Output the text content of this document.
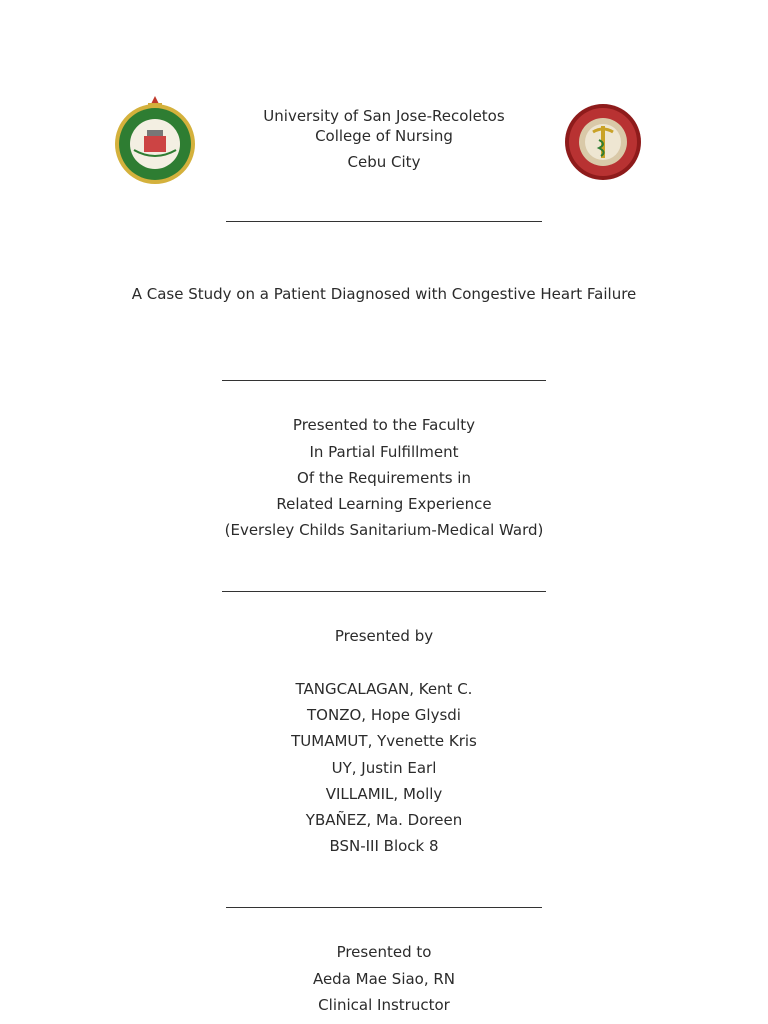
University of San Jose-Recoletos
College of Nursing
Cebu City
A Case Study on a Patient Diagnosed with Congestive Heart Failure
Presented to the Faculty
In Partial Fulfillment
Of the Requirements in
Related Learning Experience
(Eversley Childs Sanitarium-Medical Ward)
Presented by
TANGCALAGAN, Kent C.
TONZO, Hope Glysdi
TUMAMUT, Yvenette Kris
UY, Justin Earl
VILLAMIL, Molly
YBAÑEZ, Ma. Doreen
BSN-III Block 8
Presented to
Aeda Mae Siao, RN
Clinical Instructor
